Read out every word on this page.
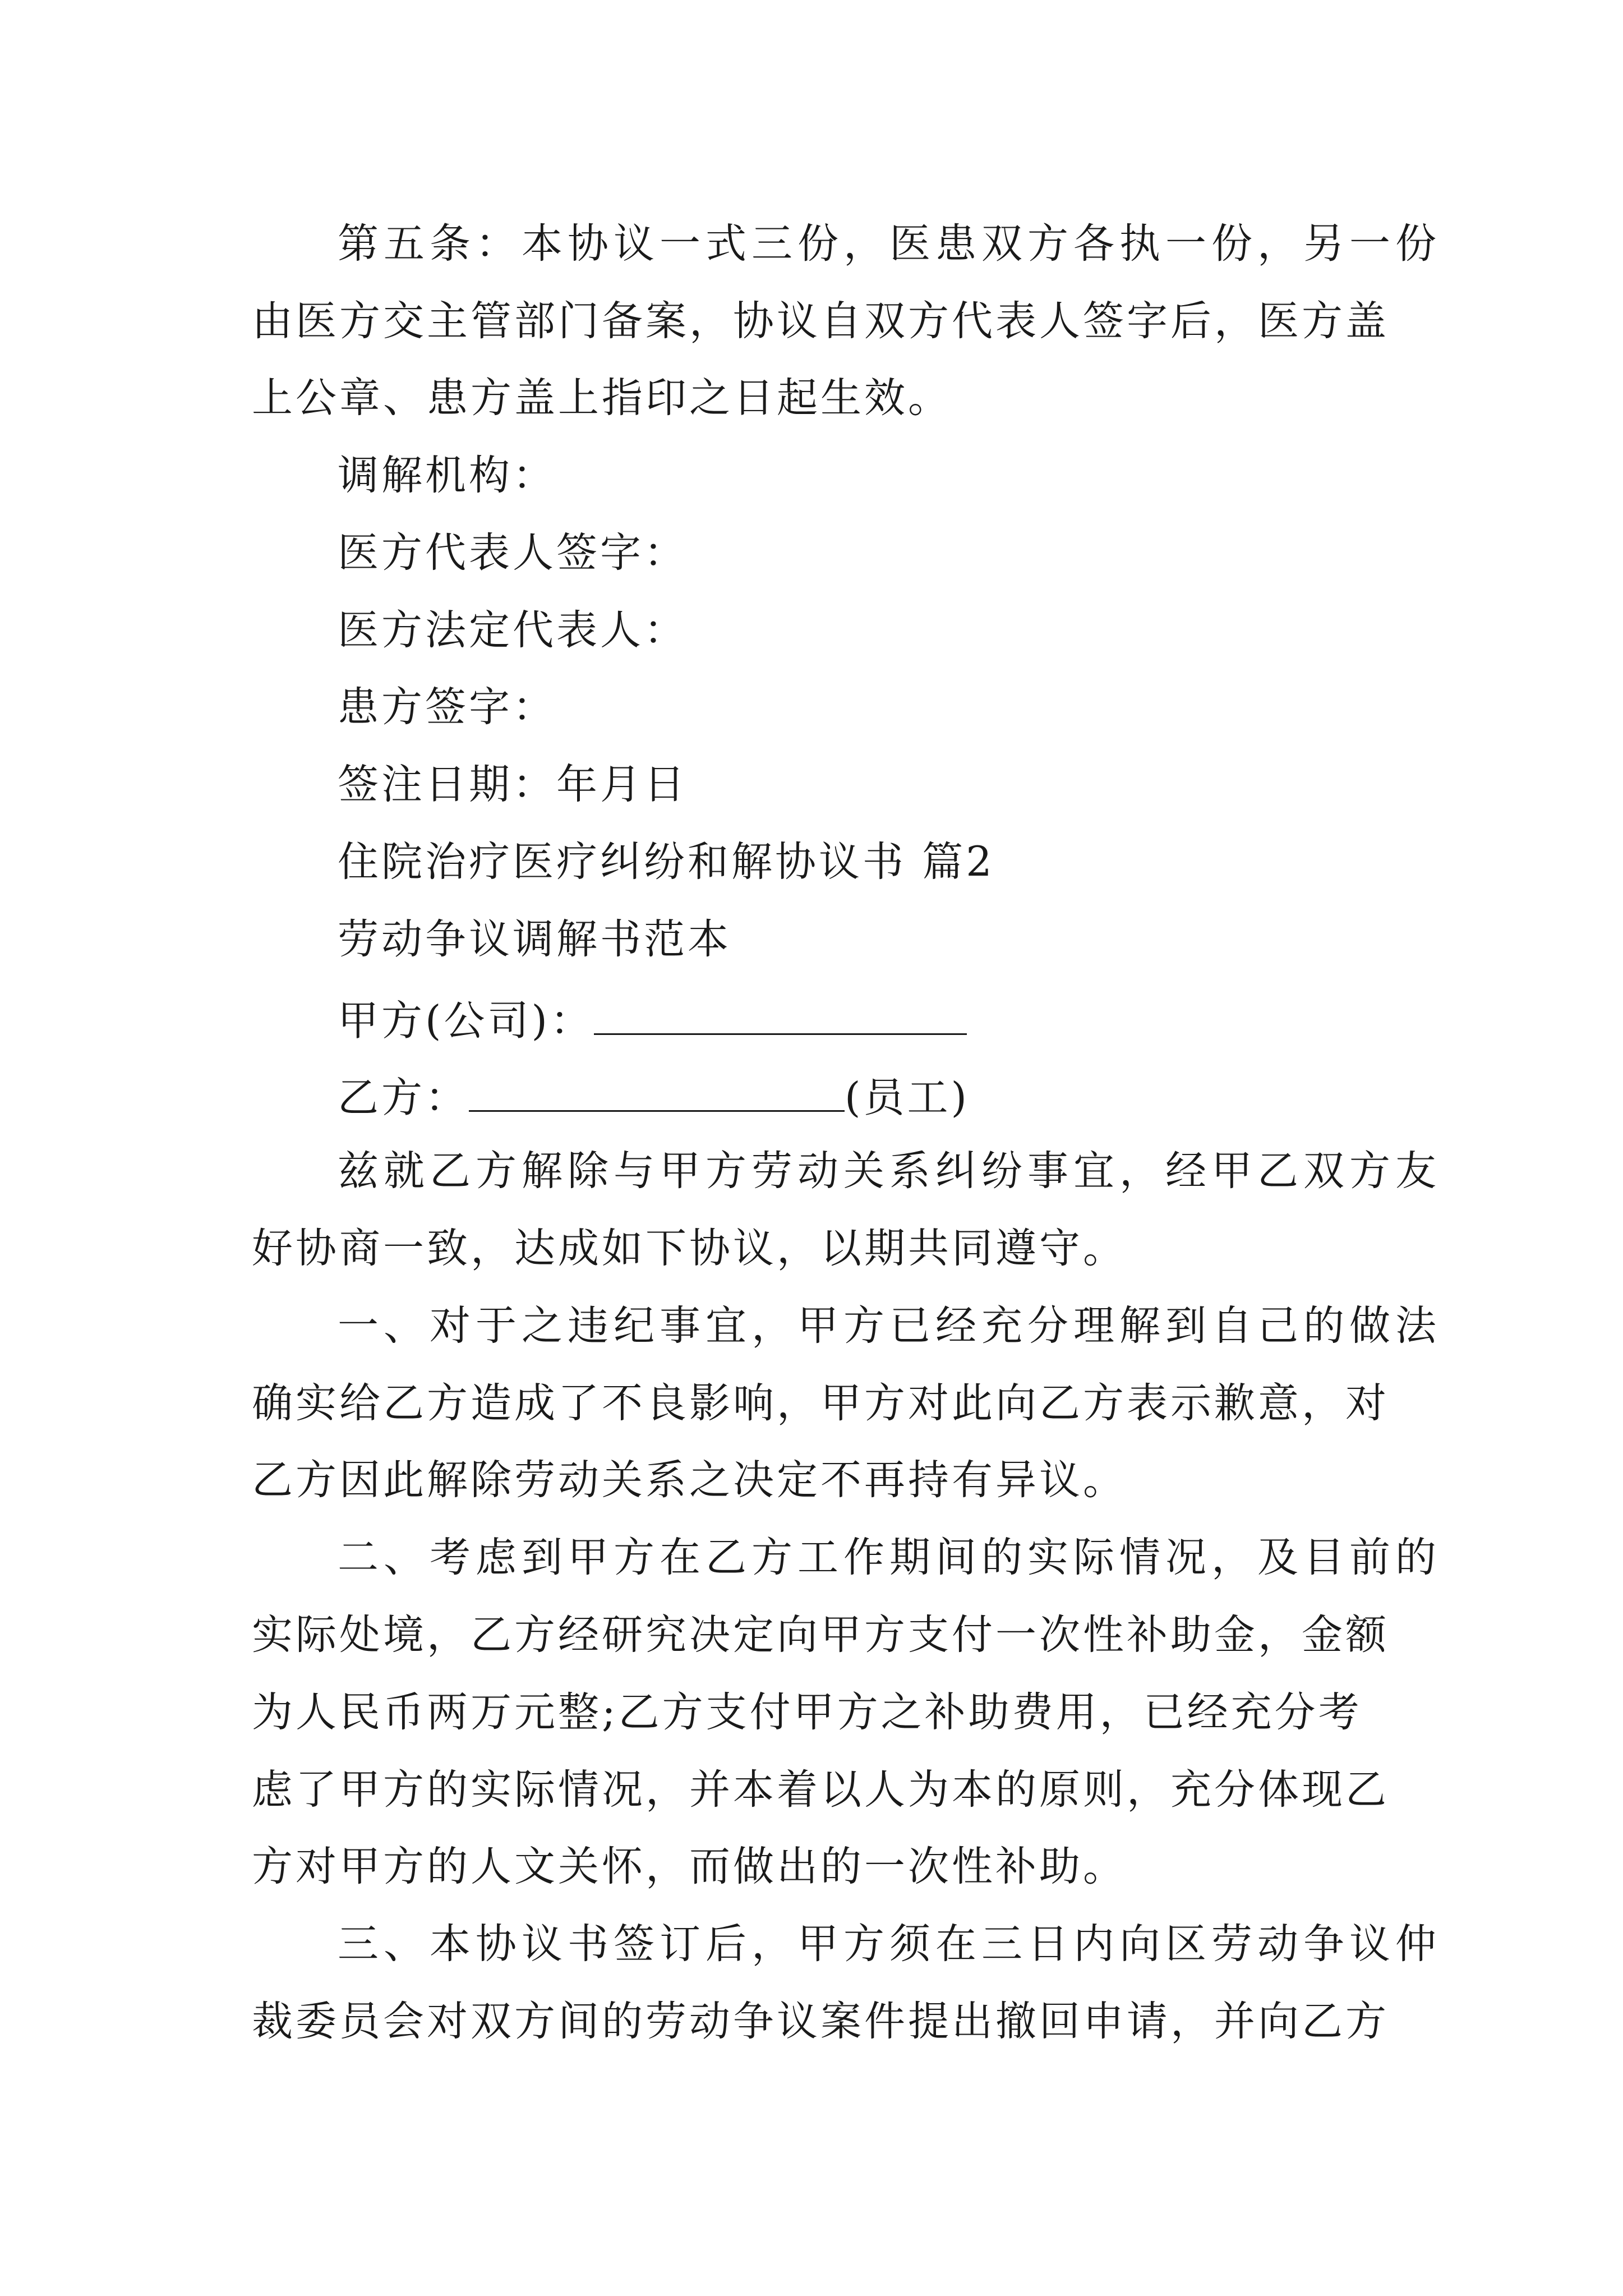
第五条：本协议一式三份，医患双方各执一份，另一份
由医方交主管部门备案，协议自双方代表人签字后，医方盖
上公章、患方盖上指印之日起生效。
调解机构：
医方代表人签字：
医方法定代表人：
患方签字：
签注日期：年月日
住院治疗医疗纠纷和解协议书 篇2
劳动争议调解书范本
甲方(公司)：
乙方：	(员工)
兹就乙方解除与甲方劳动关系纠纷事宜，经甲乙双方友
好协商一致，达成如下协议，以期共同遵守。
一、对于之违纪事宜，甲方已经充分理解到自己的做法
确实给乙方造成了不良影响，甲方对此向乙方表示歉意，对
乙方因此解除劳动关系之决定不再持有异议。
二、考虑到甲方在乙方工作期间的实际情况，及目前的
实际处境，乙方经研究决定向甲方支付一次性补助金，金额
为人民币两万元整;乙方支付甲方之补助费用，已经充分考
虑了甲方的实际情况，并本着以人为本的原则，充分体现乙
方对甲方的人文关怀，而做出的一次性补助。
三、本协议书签订后，甲方须在三日内向区劳动争议仲
裁委员会对双方间的劳动争议案件提出撤回申请，并向乙方
